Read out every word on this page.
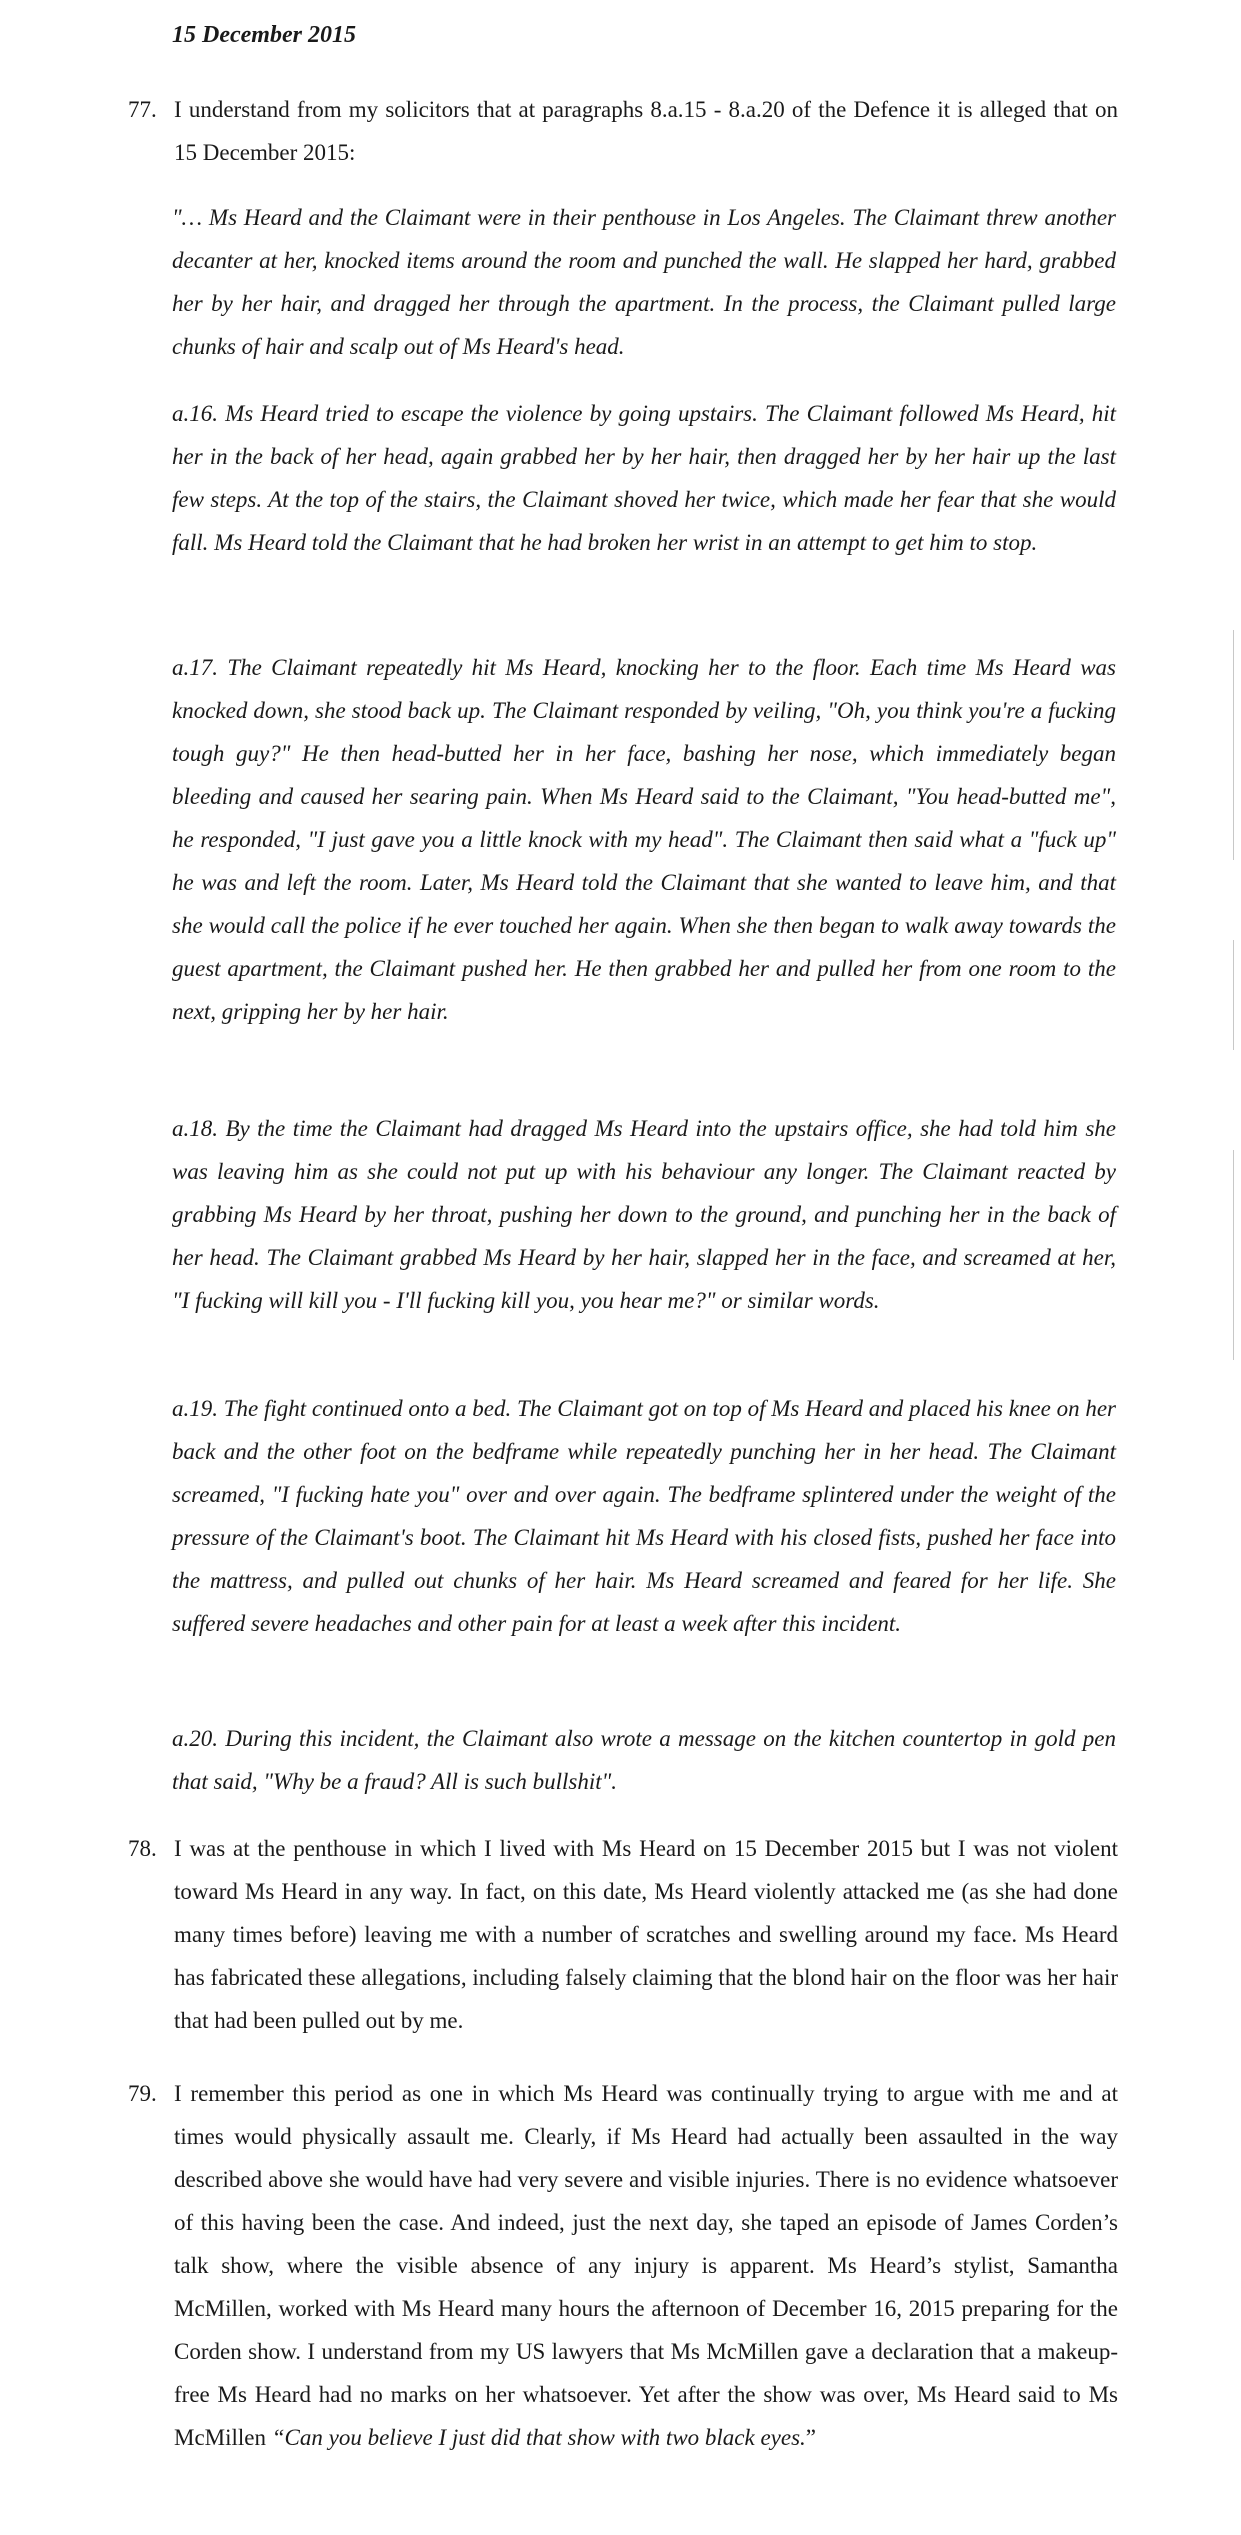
15 December 2015
77. I understand from my solicitors that at paragraphs 8.a.15 - 8.a.20 of the Defence it is alleged that on 15 December 2015:
"… Ms Heard and the Claimant were in their penthouse in Los Angeles. The Claimant threw another decanter at her, knocked items around the room and punched the wall. He slapped her hard, grabbed her by her hair, and dragged her through the apartment. In the process, the Claimant pulled large chunks of hair and scalp out of Ms Heard's head.
a.16. Ms Heard tried to escape the violence by going upstairs. The Claimant followed Ms Heard, hit her in the back of her head, again grabbed her by her hair, then dragged her by her hair up the last few steps. At the top of the stairs, the Claimant shoved her twice, which made her fear that she would fall. Ms Heard told the Claimant that he had broken her wrist in an attempt to get him to stop.
a.17. The Claimant repeatedly hit Ms Heard, knocking her to the floor. Each time Ms Heard was knocked down, she stood back up. The Claimant responded by veiling, "Oh, you think you're a fucking tough guy?" He then head-butted her in her face, bashing her nose, which immediately began bleeding and caused her searing pain. When Ms Heard said to the Claimant, "You head-butted me", he responded, "I just gave you a little knock with my head". The Claimant then said what a "fuck up" he was and left the room. Later, Ms Heard told the Claimant that she wanted to leave him, and that she would call the police if he ever touched her again. When she then began to walk away towards the guest apartment, the Claimant pushed her. He then grabbed her and pulled her from one room to the next, gripping her by her hair.
a.18. By the time the Claimant had dragged Ms Heard into the upstairs office, she had told him she was leaving him as she could not put up with his behaviour any longer. The Claimant reacted by grabbing Ms Heard by her throat, pushing her down to the ground, and punching her in the back of her head. The Claimant grabbed Ms Heard by her hair, slapped her in the face, and screamed at her, "I fucking will kill you - I'll fucking kill you, you hear me?" or similar words.
a.19. The fight continued onto a bed. The Claimant got on top of Ms Heard and placed his knee on her back and the other foot on the bedframe while repeatedly punching her in her head. The Claimant screamed, "I fucking hate you" over and over again. The bedframe splintered under the weight of the pressure of the Claimant's boot. The Claimant hit Ms Heard with his closed fists, pushed her face into the mattress, and pulled out chunks of her hair. Ms Heard screamed and feared for her life. She suffered severe headaches and other pain for at least a week after this incident.
a.20. During this incident, the Claimant also wrote a message on the kitchen countertop in gold pen that said, "Why be a fraud? All is such bullshit".
78. I was at the penthouse in which I lived with Ms Heard on 15 December 2015 but I was not violent toward Ms Heard in any way. In fact, on this date, Ms Heard violently attacked me (as she had done many times before) leaving me with a number of scratches and swelling around my face. Ms Heard has fabricated these allegations, including falsely claiming that the blond hair on the floor was her hair that had been pulled out by me.
79. I remember this period as one in which Ms Heard was continually trying to argue with me and at times would physically assault me. Clearly, if Ms Heard had actually been assaulted in the way described above she would have had very severe and visible injuries. There is no evidence whatsoever of this having been the case. And indeed, just the next day, she taped an episode of James Corden’s talk show, where the visible absence of any injury is apparent. Ms Heard’s stylist, Samantha McMillen, worked with Ms Heard many hours the afternoon of December 16, 2015 preparing for the Corden show. I understand from my US lawyers that Ms McMillen gave a declaration that a makeup-free Ms Heard had no marks on her whatsoever. Yet after the show was over, Ms Heard said to Ms McMillen “Can you believe I just did that show with two black eyes.”
